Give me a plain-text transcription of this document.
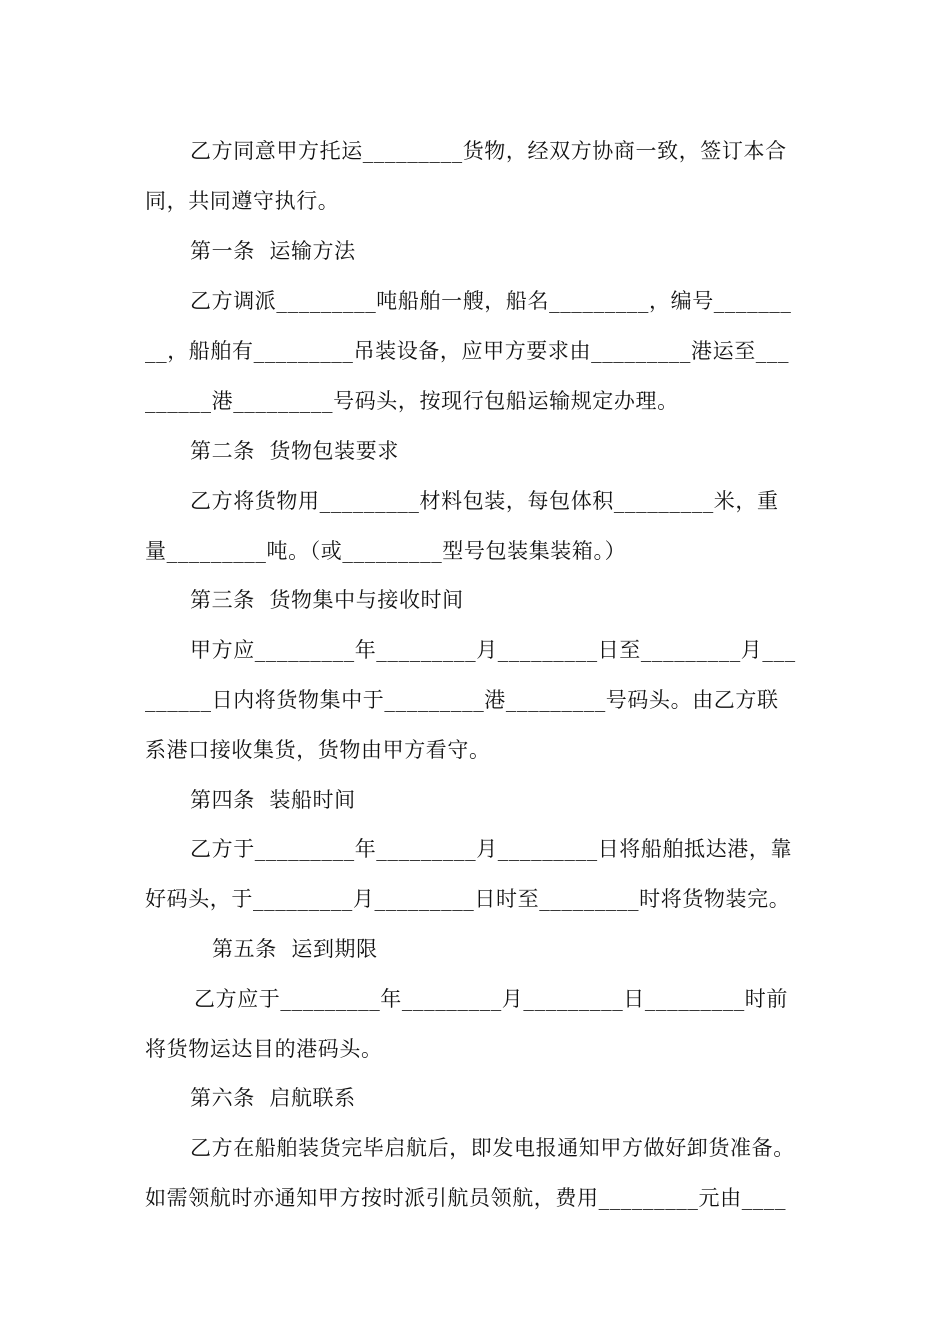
乙方同意甲方托运_________货物，经双方协商一致，签订本合
同，共同遵守执行。
第一条  运输方法
乙方调派_________吨船舶一艘，船名_________，编号_______
__，船舶有_________吊装设备，应甲方要求由_________港运至___
______港_________号码头，按现行包船运输规定办理。
第二条  货物包装要求
乙方将货物用_________材料包装，每包体积_________米，重
量_________吨。（或_________型号包装集装箱。）
第三条  货物集中与接收时间
甲方应_________年_________月_________日至_________月___
______日内将货物集中于_________港_________号码头。由乙方联
系港口接收集货，货物由甲方看守。
第四条  装船时间
乙方于_________年_________月_________日将船舶抵达港，靠
好码头，于_________月_________日时至_________时将货物装完。
第五条  运到期限
乙方应于_________年_________月_________日_________时前
将货物运达目的港码头。
第六条  启航联系
乙方在船舶装货完毕启航后，即发电报通知甲方做好卸货准备。
如需领航时亦通知甲方按时派引航员领航，费用_________元由____
